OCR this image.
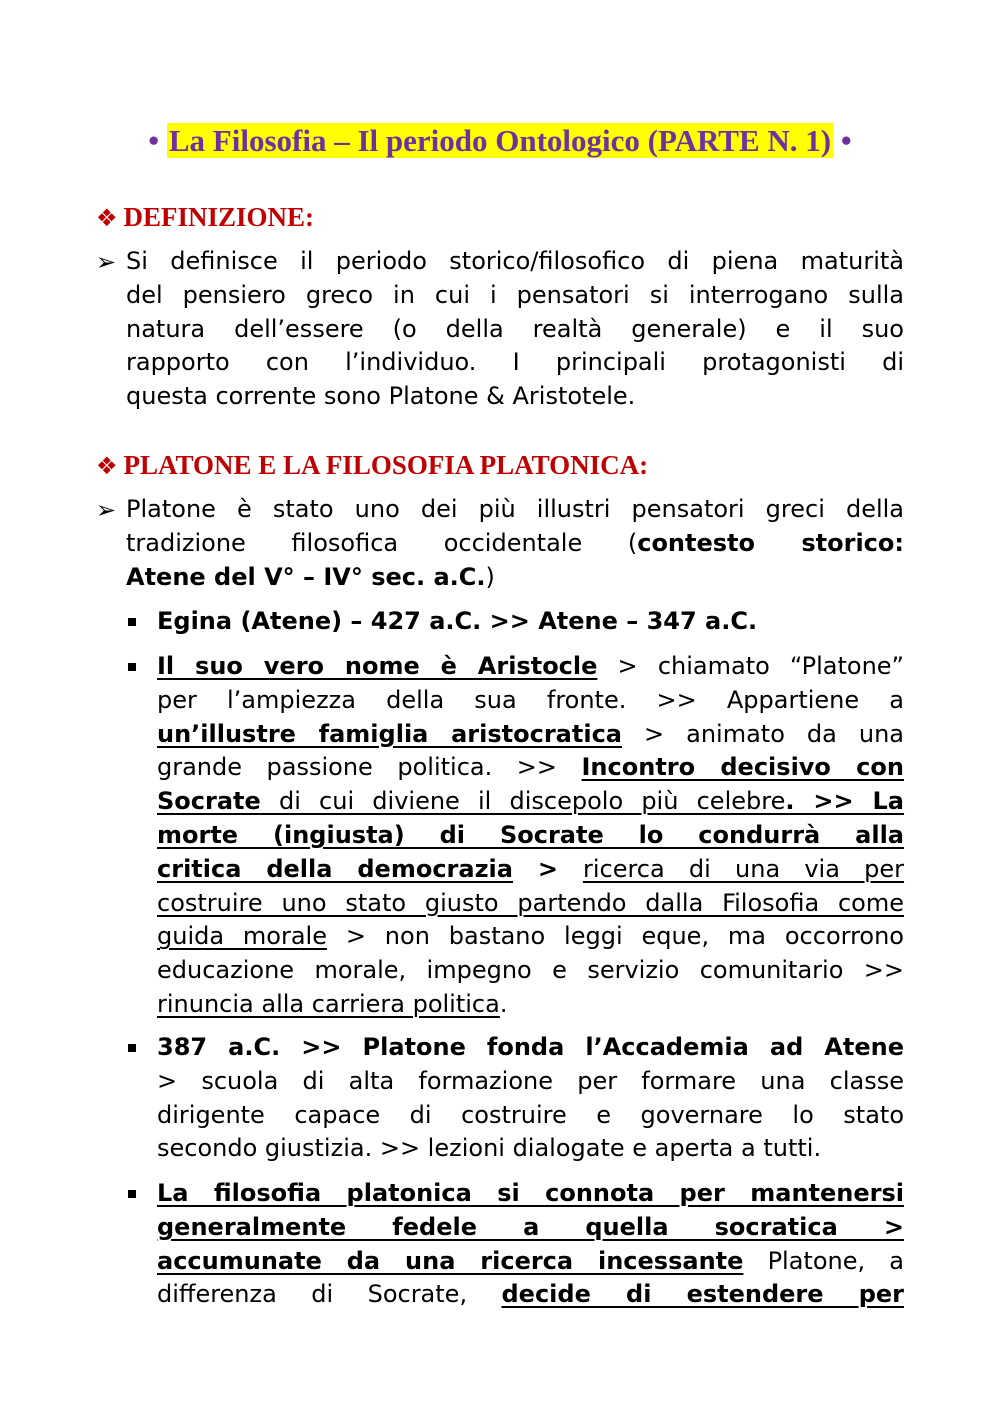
• La Filosofia – Il periodo Ontologico (PARTE N. 1) •
❖ DEFINIZIONE:
➢ Si definisce il periodo storico/filosofico di piena maturità
del pensiero greco in cui i pensatori si interrogano sulla
natura dell’essere (o della realtà generale) e il suo
rapporto con l’individuo. I principali protagonisti di
questa corrente sono Platone & Aristotele.
❖ PLATONE E LA FILOSOFIA PLATONICA:
➢ Platone è stato uno dei più illustri pensatori greci della
tradizione filosofica occidentale (contesto storico:
Atene del V° – IV° sec. a.C.)
Egina (Atene) – 427 a.C. >> Atene – 347 a.C.
Il suo vero nome è Aristocle > chiamato “Platone”
per l’ampiezza della sua fronte. >> Appartiene a
un’illustre famiglia aristocratica > animato da una
grande passione politica. >> Incontro decisivo con
Socrate di cui diviene il discepolo più celebre. >> La
morte (ingiusta) di Socrate lo condurrà alla
critica della democrazia > ricerca di una via per
costruire uno stato giusto partendo dalla Filosofia come
guida morale > non bastano leggi eque, ma occorrono
educazione morale, impegno e servizio comunitario >>
rinuncia alla carriera politica.
387 a.C. >> Platone fonda l’Accademia ad Atene
> scuola di alta formazione per formare una classe
dirigente capace di costruire e governare lo stato
secondo giustizia. >> lezioni dialogate e aperta a tutti.
La filosofia platonica si connota per mantenersi
generalmente fedele a quella socratica >
accumunate da una ricerca incessante Platone, a
differenza di Socrate, decide di estendere per
